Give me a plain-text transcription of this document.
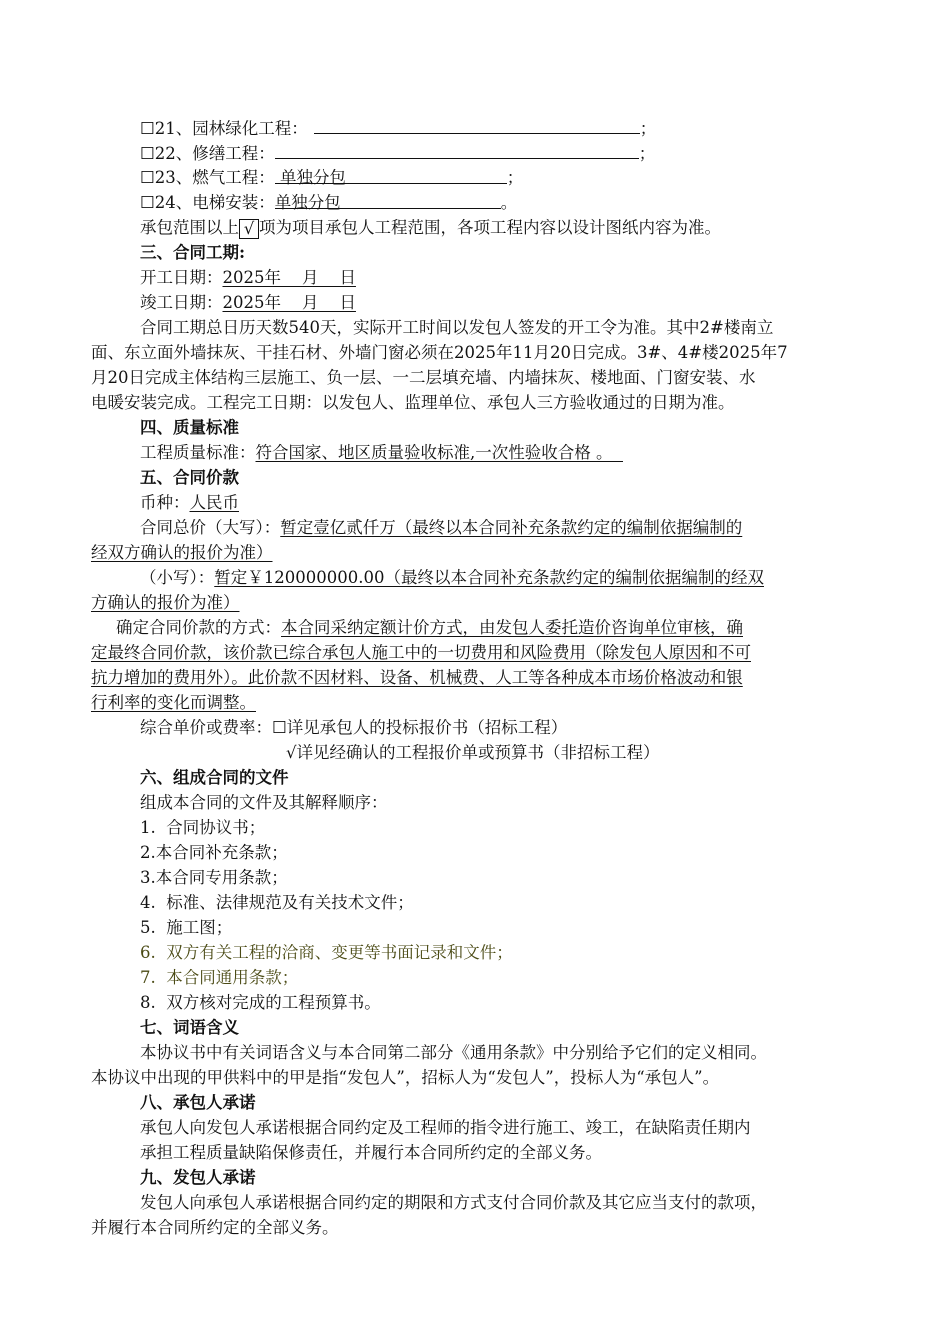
☐21、园林绿化工程：	；
☐22、修缮工程：	；
☐23、燃气工程： 单独分包	；
☐24、电梯安装：单独分包	。
承包范围以上 √ 项为项目承包人工程范围，各项工程内容以设计图纸内容为准。
三、合同工期:
开工日期：2025年    月    日
竣工日期：2025年    月    日
合同工期总日历天数540天，实际开工时间以发包人签发的开工令为准。其中2#楼南立
面、东立面外墙抹灰、干挂石材、外墙门窗必须在2025年11月20日完成。3#、4#楼2025年7
月20日完成主体结构三层施工、负一层、一二层填充墙、内墙抹灰、楼地面、门窗安装、水
电暖安装完成。工程完工日期：以发包人、监理单位、承包人三方验收通过的日期为准。
四、质量标准
工程质量标准：符合国家、地区质量验收标准,一次性验收合格 。
五、合同价款
币种：人民币
合同总价（大写）：暂定壹亿贰仟万（最终以本合同补充条款约定的编制依据编制的
经双方确认的报价为准）
（小写）：暂定￥120000000.00（最终以本合同补充条款约定的编制依据编制的经双
方确认的报价为准）
确定合同价款的方式：本合同采纳定额计价方式，由发包人委托造价咨询单位审核，确
定最终合同价款，该价款已综合承包人施工中的一切费用和风险费用（除发包人原因和不可
抗力增加的费用外）。此价款不因材料、设备、机械费、人工等各种成本市场价格波动和银
行利率的变化而调整。
综合单价或费率：☐详见承包人的投标报价书（招标工程）
√详见经确认的工程报价单或预算书（非招标工程）
六、组成合同的文件
组成本合同的文件及其解释顺序：
1.  合同协议书；
2.本合同补充条款；
3.本合同专用条款；
4.  标准、法律规范及有关技术文件；
5.  施工图；
6.  双方有关工程的洽商、变更等书面记录和文件；
7.  本合同通用条款；
8.  双方核对完成的工程预算书。
七、词语含义
本协议书中有关词语含义与本合同第二部分《通用条款》中分别给予它们的定义相同。
本协议中出现的甲供料中的甲是指“发包人”，招标人为“发包人”，投标人为“承包人”。
八、承包人承诺
承包人向发包人承诺根据合同约定及工程师的指令进行施工、竣工，在缺陷责任期内
承担工程质量缺陷保修责任，并履行本合同所约定的全部义务。
九、发包人承诺
发包人向承包人承诺根据合同约定的期限和方式支付合同价款及其它应当支付的款项，
并履行本合同所约定的全部义务。
